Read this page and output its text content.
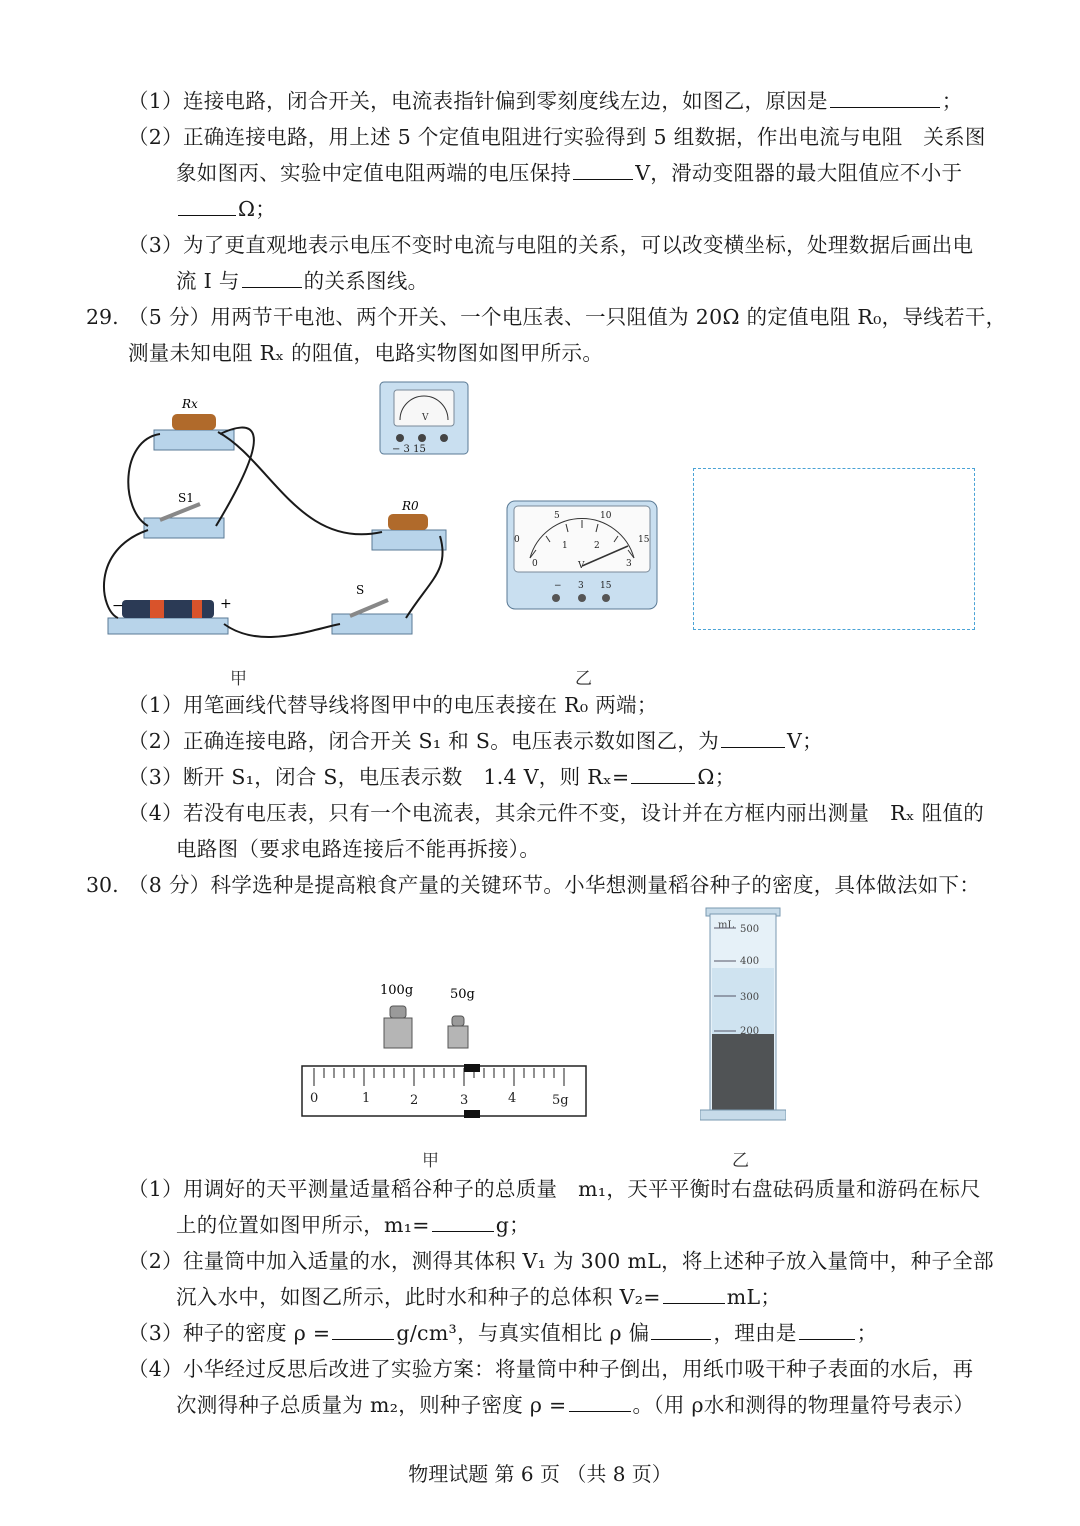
（1）连接电路，闭合开关，电流表指针偏到零刻度线左边，如图乙，原因是	；
（2）正确连接电路，用上述 5 个定值电阻进行实验得到 5 组数据，作出电流与电阻　关系图
象如图丙、实验中定值电阻两端的电压保持	V，滑动变阻器的最大阻值应不小于
Ω；
（3）为了更直观地表示电压不变时电流与电阻的关系，可以改变横坐标，处理数据后画出电
流 I 与	的关系图线。
29. （5 分）用两节干电池、两个开关、一个电压表、一只阻值为 20Ω 的定值电阻 R₀，导线若干，
测量未知电阻 Rₓ 的阻值，电路实物图如图甲所示。
V
− 3 15
Rx
S1
R0
−	+
S
甲
0
5	10
15
0
1	2
3
V
− 3 15
乙
（1）用笔画线代替导线将图甲中的电压表接在 R₀ 两端；
（2）正确连接电路，闭合开关 S₁ 和 S。电压表示数如图乙，为	V；
（3）断开 S₁，闭合 S，电压表示数　1.4 V，则 Rₓ=	Ω；
（4）若没有电压表，只有一个电流表，其余元件不变，设计并在方框内丽出测量　Rₓ 阻值的
电路图（要求电路连接后不能再拆接）。
30. （8 分）科学选种是提高粮食产量的关键环节。小华想测量稻谷种子的密度，具体做法如下：
100g	50g
0	1	2	3	4	5g
甲
mL 500
400
300
200
乙
（1）用调好的天平测量适量稻谷种子的总质量　m₁，天平平衡时右盘砝码质量和游码在标尺
上的位置如图甲所示，m₁=	g；
（2）往量筒中加入适量的水，测得其体积 V₁ 为 300 mL，将上述种子放入量筒中，种子全部
沉入水中，如图乙所示，此时水和种子的总体积 V₂=	mL；
（3）种子的密度 ρ =	g/cm³，与真实值相比 ρ 偏	，理由是	；
（4）小华经过反思后改进了实验方案：将量筒中种子倒出，用纸巾吸干种子表面的水后，再
次测得种子总质量为 m₂，则种子密度 ρ =	。（用 ρ水和测得的物理量符号表示）
物理试题 第 6 页 （共 8 页）
